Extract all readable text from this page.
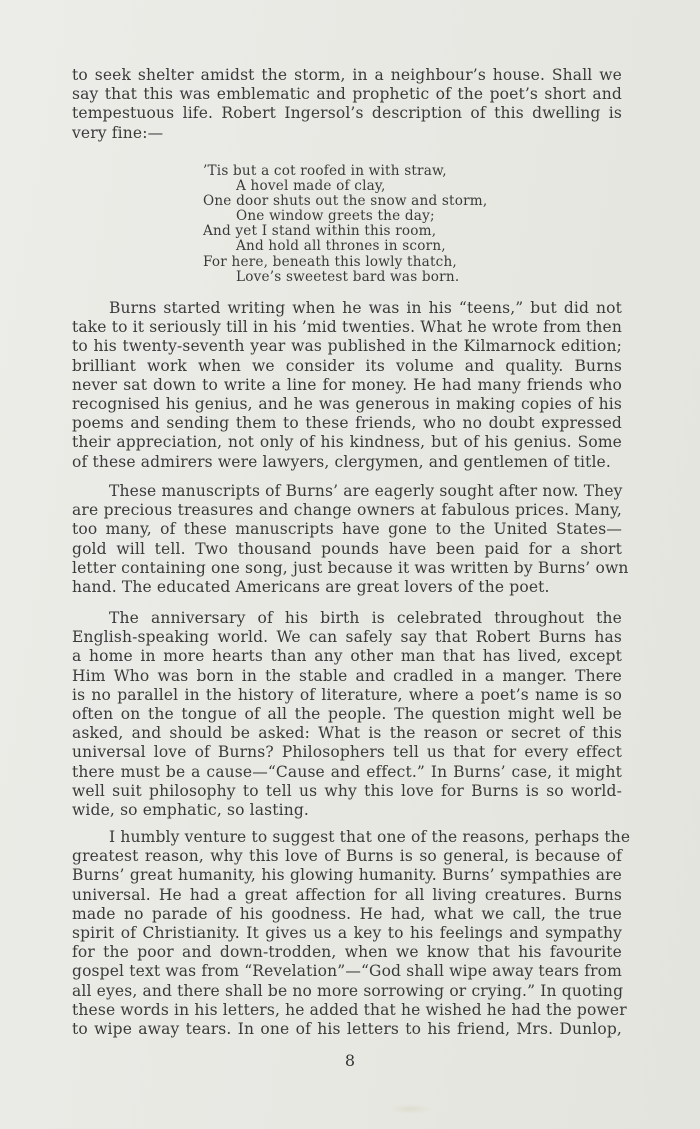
to seek shelter amidst the storm, in a neighbour’s house. Shall we
say that this was emblematic and prophetic of the poet’s short and
tempestuous life. Robert Ingersol’s description of this dwelling is
very fine:—
’Tis but a cot roofed in with straw,
A hovel made of clay,
One door shuts out the snow and storm,
One window greets the day;
And yet I stand within this room,
And hold all thrones in scorn,
For here, beneath this lowly thatch,
Love’s sweetest bard was born.
Burns started writing when he was in his “teens,” but did not
take to it seriously till in his ’mid twenties. What he wrote from then
to his twenty-seventh year was published in the Kilmarnock edition;
brilliant work when we consider its volume and quality. Burns
never sat down to write a line for money. He had many friends who
recognised his genius, and he was generous in making copies of his
poems and sending them to these friends, who no doubt expressed
their appreciation, not only of his kindness, but of his genius. Some
of these admirers were lawyers, clergymen, and gentlemen of title.
These manuscripts of Burns’ are eagerly sought after now. They
are precious treasures and change owners at fabulous prices. Many,
too many, of these manuscripts have gone to the United States—
gold will tell. Two thousand pounds have been paid for a short
letter containing one song, just because it was written by Burns’ own
hand. The educated Americans are great lovers of the poet.
The anniversary of his birth is celebrated throughout the
English-speaking world. We can safely say that Robert Burns has
a home in more hearts than any other man that has lived, except
Him Who was born in the stable and cradled in a manger. There
is no parallel in the history of literature, where a poet’s name is so
often on the tongue of all the people. The question might well be
asked, and should be asked: What is the reason or secret of this
universal love of Burns? Philosophers tell us that for every effect
there must be a cause—“Cause and effect.” In Burns’ case, it might
well suit philosophy to tell us why this love for Burns is so world-
wide, so emphatic, so lasting.
I humbly venture to suggest that one of the reasons, perhaps the
greatest reason, why this love of Burns is so general, is because of
Burns’ great humanity, his glowing humanity. Burns’ sympathies are
universal. He had a great affection for all living creatures. Burns
made no parade of his goodness. He had, what we call, the true
spirit of Christianity. It gives us a key to his feelings and sympathy
for the poor and down-trodden, when we know that his favourite
gospel text was from “Revelation”—“God shall wipe away tears from
all eyes, and there shall be no more sorrowing or crying.” In quoting
these words in his letters, he added that he wished he had the power
to wipe away tears. In one of his letters to his friend, Mrs. Dunlop,
8
